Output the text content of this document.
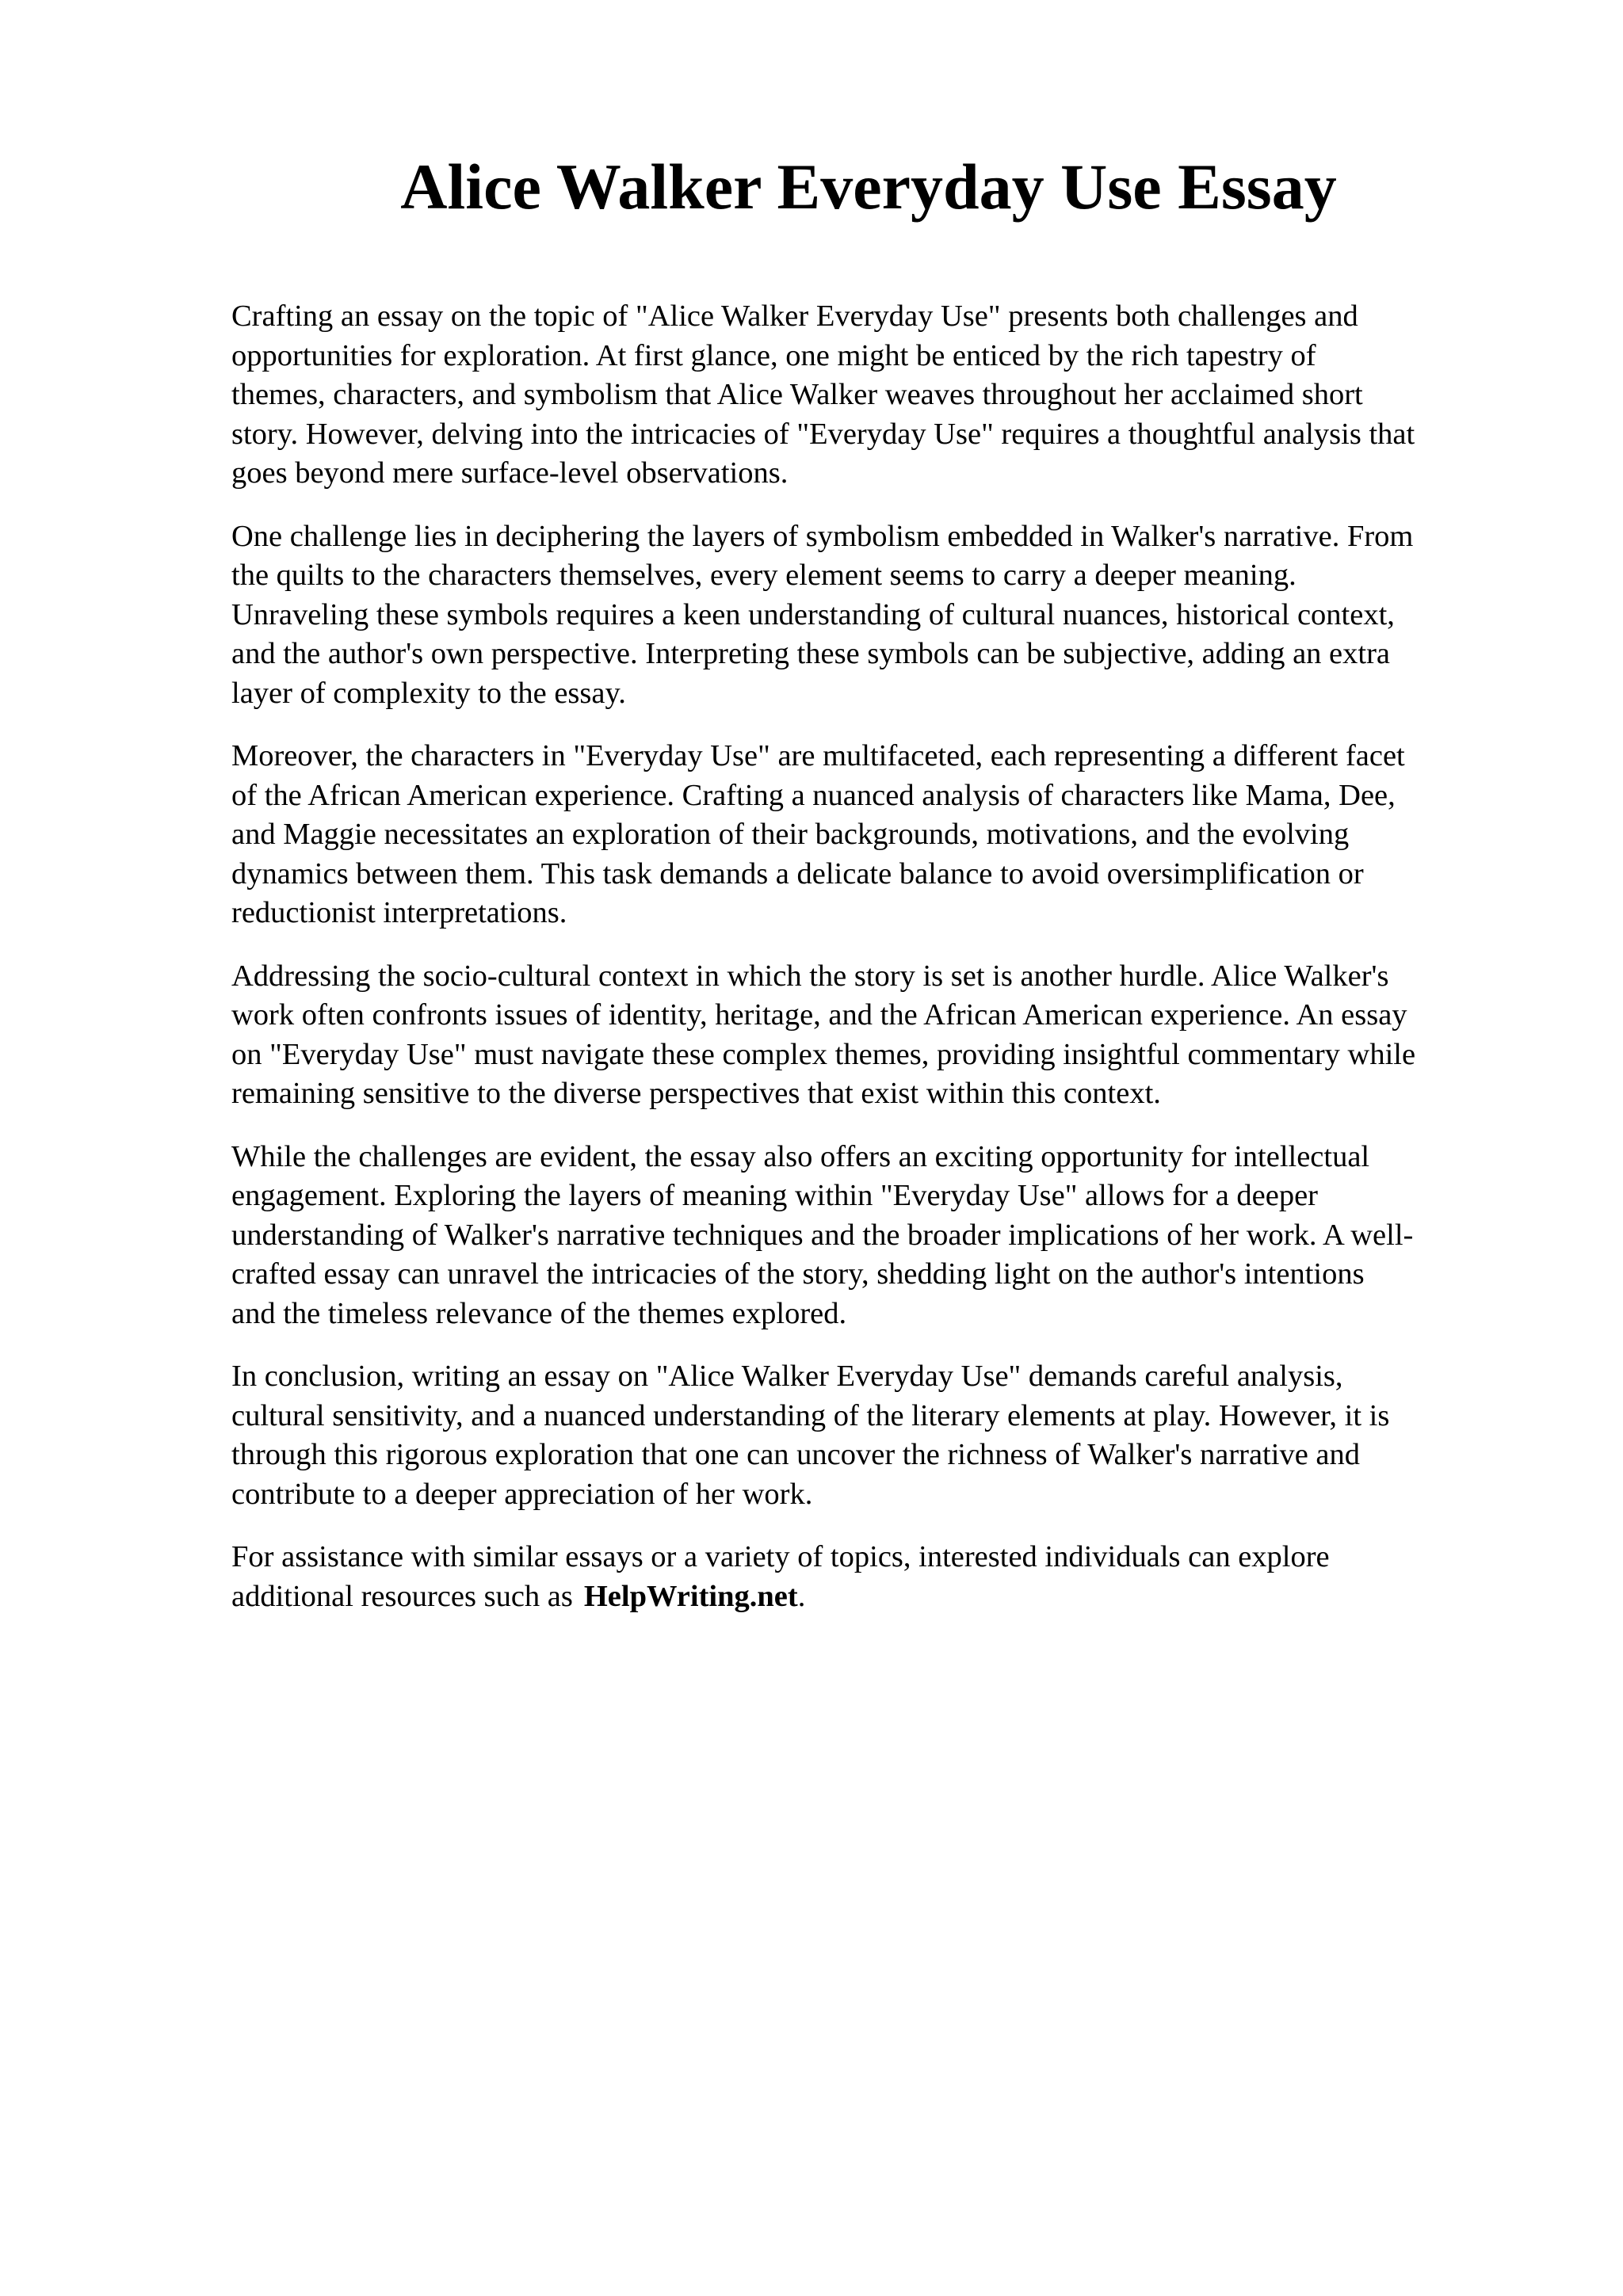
Alice Walker Everyday Use Essay

Crafting an essay on the topic of "Alice Walker Everyday Use" presents both challenges and
opportunities for exploration. At first glance, one might be enticed by the rich tapestry of
themes, characters, and symbolism that Alice Walker weaves throughout her acclaimed short
story. However, delving into the intricacies of "Everyday Use" requires a thoughtful analysis that
goes beyond mere surface-level observations.

One challenge lies in deciphering the layers of symbolism embedded in Walker's narrative. From
the quilts to the characters themselves, every element seems to carry a deeper meaning.
Unraveling these symbols requires a keen understanding of cultural nuances, historical context,
and the author's own perspective. Interpreting these symbols can be subjective, adding an extra
layer of complexity to the essay.

Moreover, the characters in "Everyday Use" are multifaceted, each representing a different facet
of the African American experience. Crafting a nuanced analysis of characters like Mama, Dee,
and Maggie necessitates an exploration of their backgrounds, motivations, and the evolving
dynamics between them. This task demands a delicate balance to avoid oversimplification or
reductionist interpretations.

Addressing the socio-cultural context in which the story is set is another hurdle. Alice Walker's
work often confronts issues of identity, heritage, and the African American experience. An essay
on "Everyday Use" must navigate these complex themes, providing insightful commentary while
remaining sensitive to the diverse perspectives that exist within this context.

While the challenges are evident, the essay also offers an exciting opportunity for intellectual
engagement. Exploring the layers of meaning within "Everyday Use" allows for a deeper
understanding of Walker's narrative techniques and the broader implications of her work. A well-
crafted essay can unravel the intricacies of the story, shedding light on the author's intentions
and the timeless relevance of the themes explored.

In conclusion, writing an essay on "Alice Walker Everyday Use" demands careful analysis,
cultural sensitivity, and a nuanced understanding of the literary elements at play. However, it is
through this rigorous exploration that one can uncover the richness of Walker's narrative and
contribute to a deeper appreciation of her work.

For assistance with similar essays or a variety of topics, interested individuals can explore
additional resources such as HelpWriting.net.
